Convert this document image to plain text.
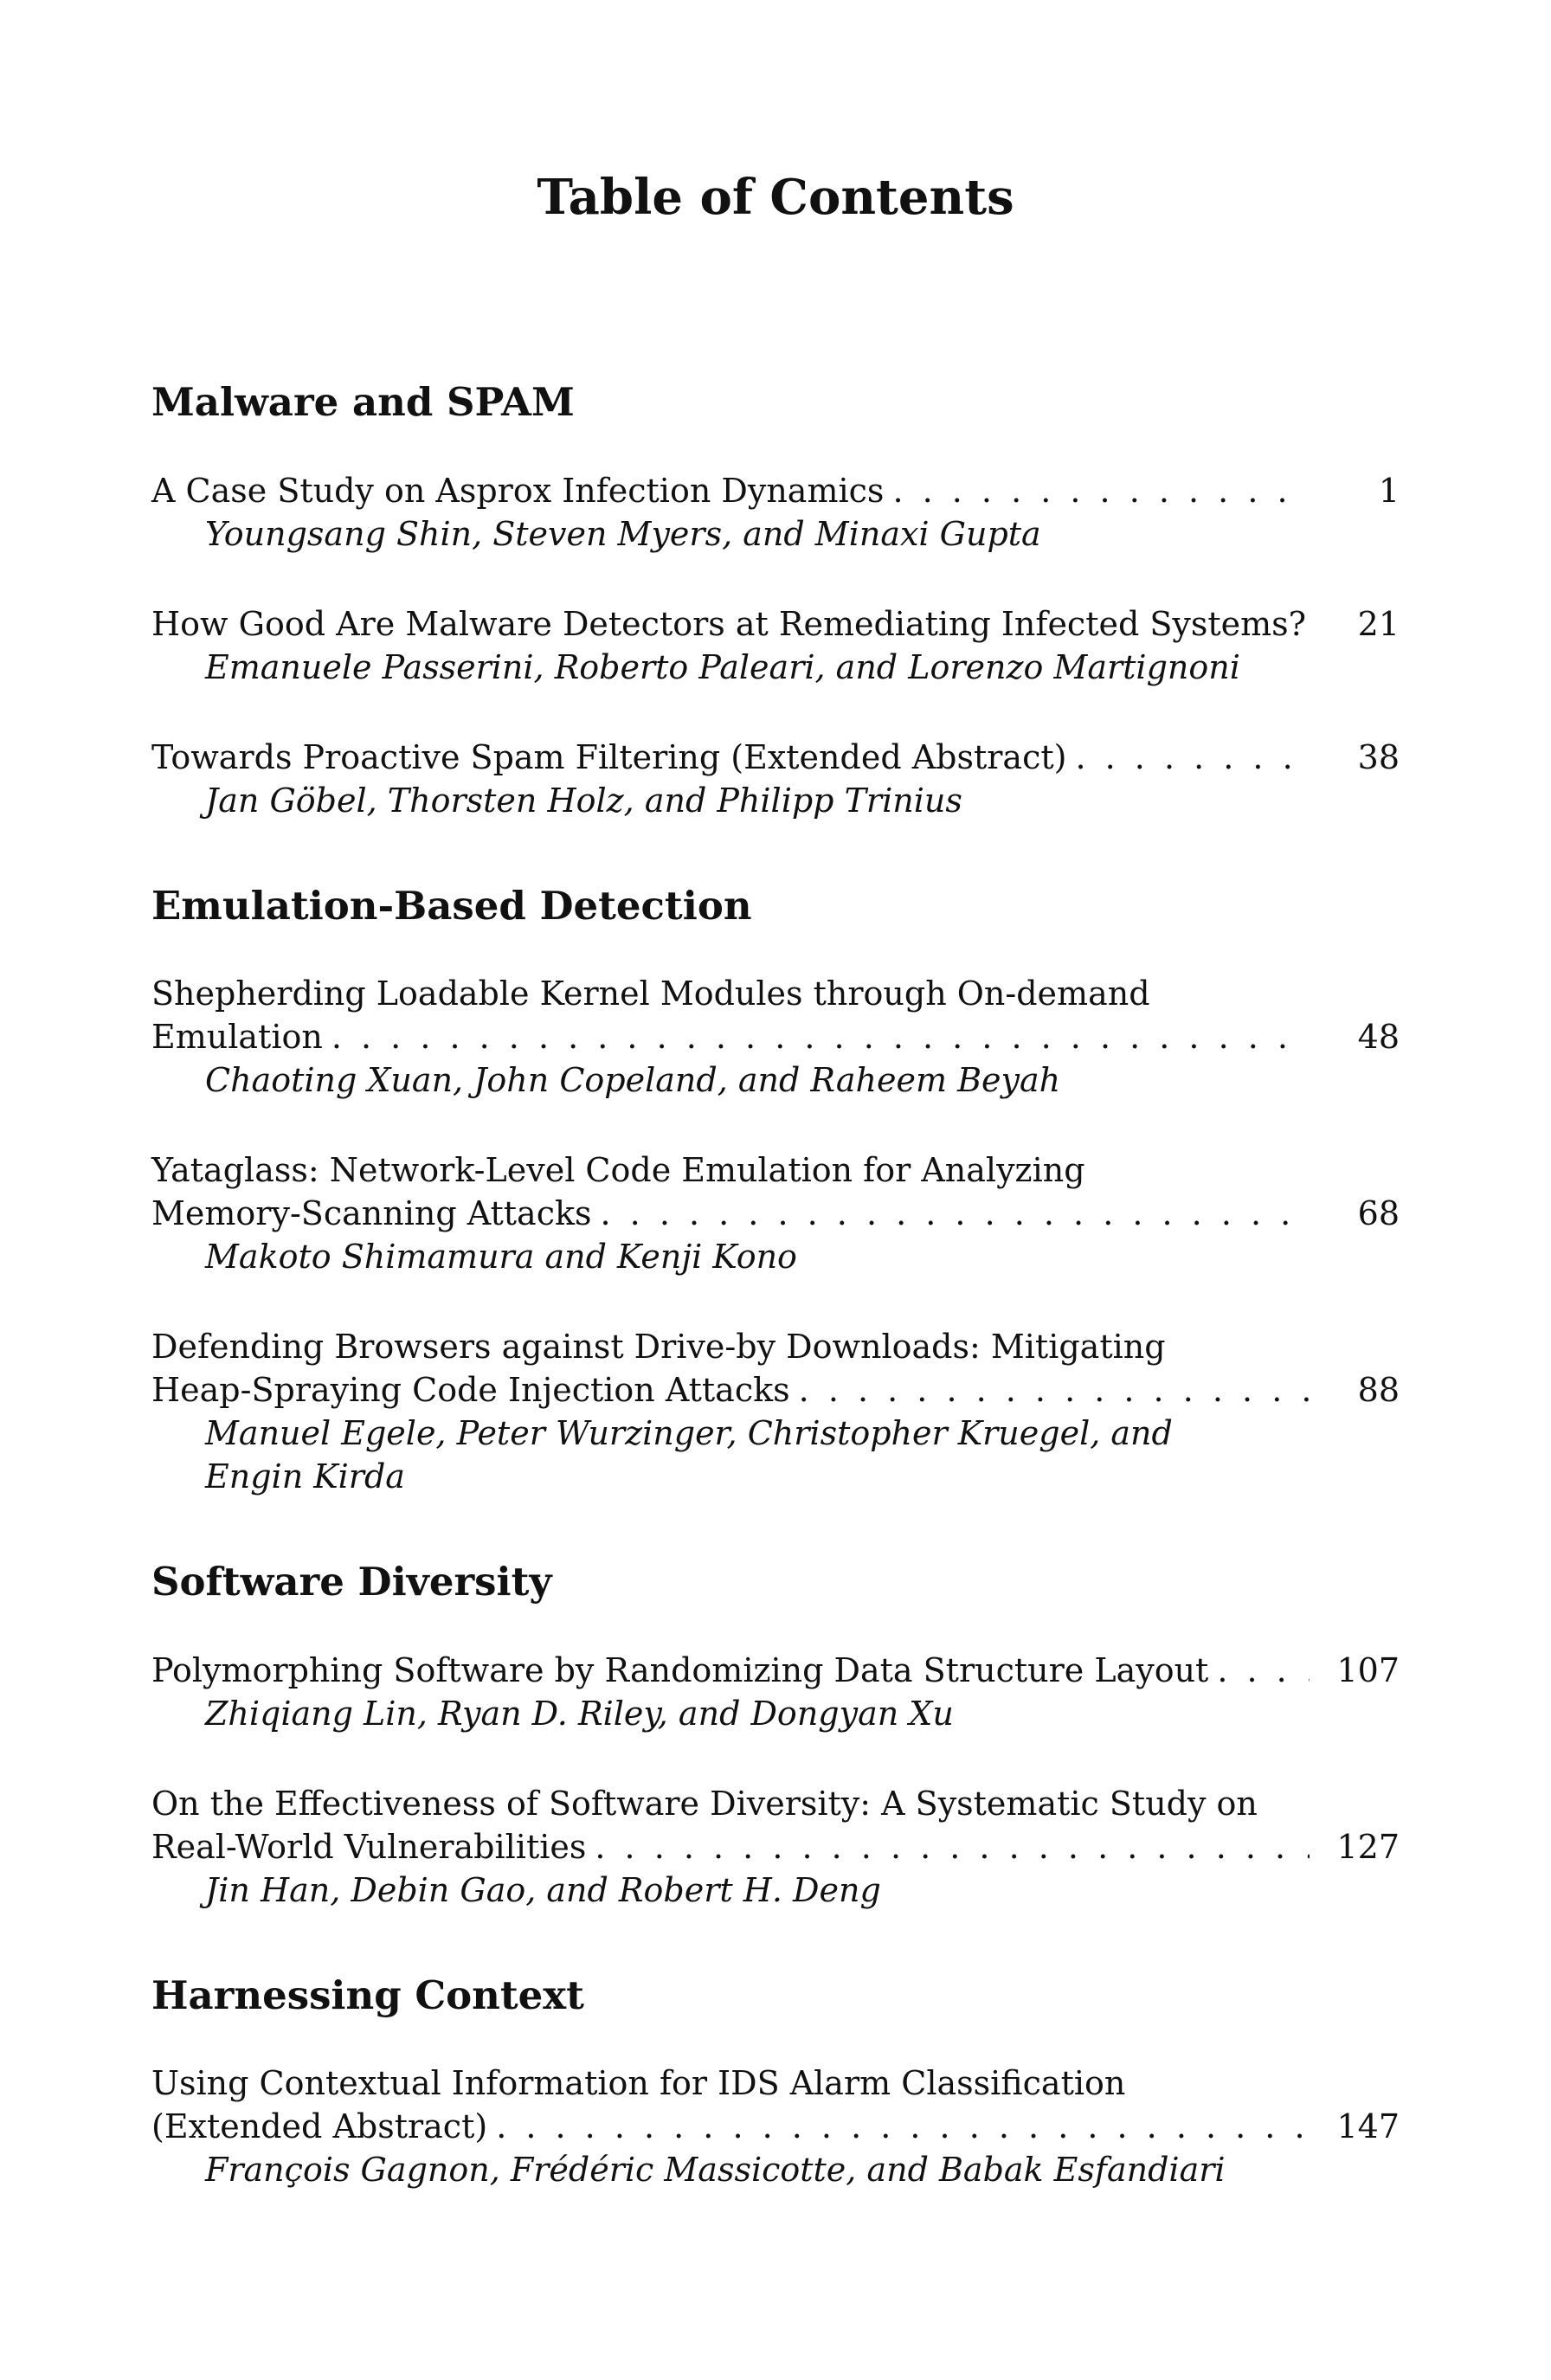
Table of Contents
Malware and SPAM
A Case Study on Asprox Infection Dynamics . . .	1
Youngsang Shin, Steven Myers, and Minaxi Gupta
How Good Are Malware Detectors at Remediating Infected Systems?	21
Emanuele Passerini, Roberto Paleari, and Lorenzo Martignoni
Towards Proactive Spam Filtering (Extended Abstract) . . .	38
Jan Göbel, Thorsten Holz, and Philipp Trinius
Emulation-Based Detection
Shepherding Loadable Kernel Modules through On-demand
Emulation . . .	48
Chaoting Xuan, John Copeland, and Raheem Beyah
Yataglass: Network-Level Code Emulation for Analyzing
Memory-Scanning Attacks . . .	68
Makoto Shimamura and Kenji Kono
Defending Browsers against Drive-by Downloads: Mitigating
Heap-Spraying Code Injection Attacks . . .	88
Manuel Egele, Peter Wurzinger, Christopher Kruegel, and
Engin Kirda
Software Diversity
Polymorphing Software by Randomizing Data Structure Layout . . .	107
Zhiqiang Lin, Ryan D. Riley, and Dongyan Xu
On the Effectiveness of Software Diversity: A Systematic Study on
Real-World Vulnerabilities . . .	127
Jin Han, Debin Gao, and Robert H. Deng
Harnessing Context
Using Contextual Information for IDS Alarm Classification
(Extended Abstract) . . .	147
François Gagnon, Frédéric Massicotte, and Babak Esfandiari
